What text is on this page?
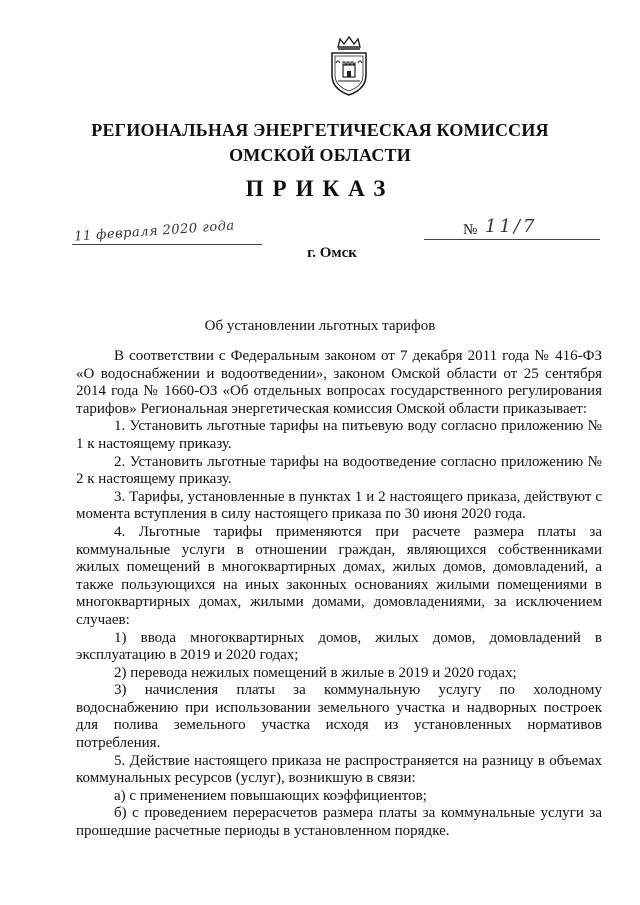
РЕГИОНАЛЬНАЯ ЭНЕРГЕТИЧЕСКАЯ КОМИССИЯ
ОМСКОЙ ОБЛАСТИ
ПРИКАЗ
11 февраля 2020 года	№ 11/7
г. Омск
Об установлении льготных тарифов

В соответствии с Федеральным законом от 7 декабря 2011 года № 416-ФЗ «О водоснабжении и водоотведении», законом Омской области от 25 сентября 2014 года № 1660-ОЗ «Об отдельных вопросах государственного регулирования тарифов» Региональная энергетическая комиссия Омской области приказывает:

1. Установить льготные тарифы на питьевую воду согласно приложению № 1 к настоящему приказу.

2. Установить льготные тарифы на водоотведение согласно приложению № 2 к настоящему приказу.

3. Тарифы, установленные в пунктах 1 и 2 настоящего приказа, действуют с момента вступления в силу настоящего приказа по 30 июня 2020 года.

4. Льготные тарифы применяются при расчете размера платы за коммунальные услуги в отношении граждан, являющихся собственниками жилых помещений в многоквартирных домах, жилых домов, домовладений, а также пользующихся на иных законных основаниях жилыми помещениями в многоквартирных домах, жилыми домами, домовладениями, за исключением случаев:

1) ввода многоквартирных домов, жилых домов, домовладений в эксплуатацию в 2019 и 2020 годах;

2) перевода нежилых помещений в жилые в 2019 и 2020 годах;

3) начисления платы за коммунальную услугу по холодному водоснабжению при использовании земельного участка и надворных построек для полива земельного участка исходя из установленных нормативов потребления.

5. Действие настоящего приказа не распространяется на разницу в объемах коммунальных ресурсов (услуг), возникшую в связи:

а) с применением повышающих коэффициентов;

б) с проведением перерасчетов размера платы за коммунальные услуги за прошедшие расчетные периоды в установленном порядке.
